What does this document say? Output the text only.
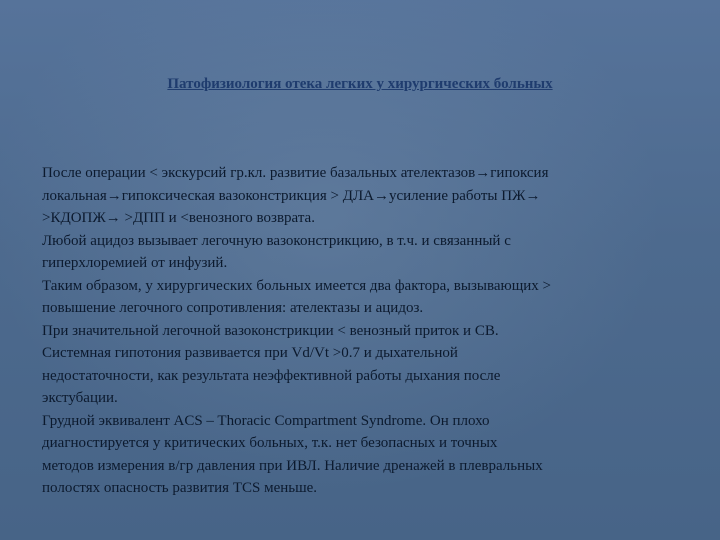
Патофизиология отека легких у хирургических больных

После операции < экскурсий гр.кл. развитие базальных ателектазов→гипоксия
локальная→гипоксическая вазоконстрикция > ДЛА→усиление работы ПЖ→
>КДОПЖ→ >ДПП и <венозного возврата.

Любой ацидоз вызывает легочную вазоконстрикцию, в т.ч. и связанный с
гиперхлоремией от инфузий.

Таким образом, у хирургических больных имеется два фактора, вызывающих >
повышение легочного сопротивления: ателектазы и ацидоз.

При значительной легочной вазоконстрикции < венозный приток и СВ.
Системная гипотония развивается при Vd/Vt >0.7 и дыхательной
недостаточности, как результата неэффективной работы дыхания после
экстубации.

Грудной эквивалент ACS – Thoracic Compartment Syndrome. Он плохо
диагностируется у критических больных, т.к. нет безопасных и точных
методов измерения в/гр давления при ИВЛ. Наличие дренажей в плевральных
полостях опасность развития TCS меньше.
